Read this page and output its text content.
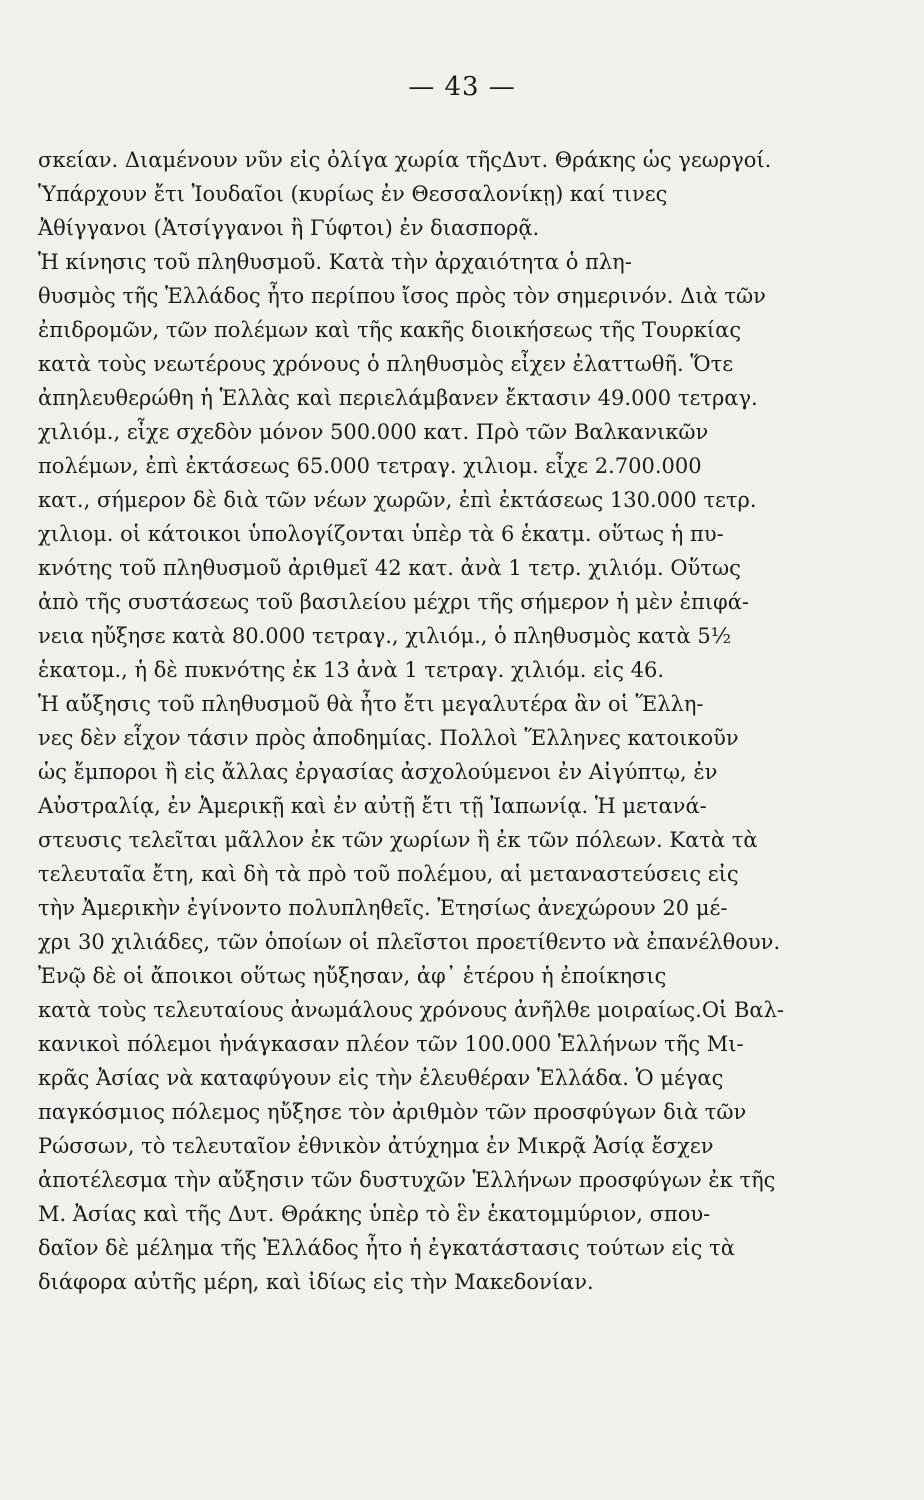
— 43 —
σκείαν. Διαμένουν νῦν εἰς ὀλίγα χωρία τῆςΔυτ. Θράκης ὡς γεωργοί.
Ὑπάρχουν ἔτι Ἰουδαῖοι (κυρίως ἐν Θεσσαλονίκῃ) καί τινες
Ἀθίγγανοι (Ἀτσίγγανοι ἢ Γύφτοι) ἐν διασπορᾷ.
Ἡ κίνησις τοῦ πληθυσμοῦ. Κατὰ τὴν ἀρχαιότητα ὁ πλη-
θυσμὸς τῆς Ἑλλάδος ἦτο περίπου ἴσος πρὸς τὸν σημερινόν. Διὰ τῶν
ἐπιδρομῶν, τῶν πολέμων καὶ τῆς κακῆς διοικήσεως τῆς Τουρκίας
κατὰ τοὺς νεωτέρους χρόνους ὁ πληθυσμὸς εἶχεν ἐλαττωθῆ. Ὅτε
ἀπηλευθερώθη ἡ Ἑλλὰς καὶ περιελάμβανεν ἔκτασιν 49.000 τετραγ.
χιλιόμ., εἶχε σχεδὸν μόνον 500.000 κατ. Πρὸ τῶν Βαλκανικῶν
πολέμων, ἐπὶ ἐκτάσεως 65.000 τετραγ. χιλιομ. εἶχε 2.700.000
κατ., σήμερον δὲ διὰ τῶν νέων χωρῶν, ἐπὶ ἐκτάσεως 130.000 τετρ.
χιλιομ. οἱ κάτοικοι ὑπολογίζονται ὑπὲρ τὰ 6 ἑκατμ. οὕτως ἡ πυ-
κνότης τοῦ πληθυσμοῦ ἀριθμεῖ 42 κατ. ἀνὰ 1 τετρ. χιλιόμ. Οὕτως
ἀπὸ τῆς συστάσεως τοῦ βασιλείου μέχρι τῆς σήμερον ἡ μὲν ἐπιφά-
νεια ηὔξησε κατὰ 80.000 τετραγ., χιλιόμ., ὁ πληθυσμὸς κατὰ 5½
ἑκατομ., ἡ δὲ πυκνότης ἐκ 13 ἀνὰ 1 τετραγ. χιλιόμ. εἰς 46.
Ἡ αὔξησις τοῦ πληθυσμοῦ θὰ ἦτο ἔτι μεγαλυτέρα ἂν οἱ Ἕλλη-
νες δὲν εἶχον τάσιν πρὸς ἀποδημίας. Πολλοὶ Ἕλληνες κατοικοῦν
ὡς ἔμποροι ἢ εἰς ἄλλας ἐργασίας ἀσχολούμενοι ἐν Αἰγύπτῳ, ἐν
Αὐστραλίᾳ, ἐν Ἀμερικῇ καὶ ἐν αὐτῇ ἔτι τῇ Ἰαπωνίᾳ. Ἡ μετανά-
στευσις τελεῖται μᾶλλον ἐκ τῶν χωρίων ἢ ἐκ τῶν πόλεων. Κατὰ τὰ
τελευταῖα ἔτη, καὶ δὴ τὰ πρὸ τοῦ πολέμου, αἱ μεταναστεύσεις εἰς
τὴν Ἀμερικὴν ἐγίνοντο πολυπληθεῖς. Ἐτησίως ἀνεχώρουν 20 μέ-
χρι 30 χιλιάδες, τῶν ὁποίων οἱ πλεῖστοι προετίθεντο νὰ ἐπανέλθουν.
Ἐνῷ δὲ οἱ ἄποικοι οὕτως ηὔξησαν, ἀφ᾽ ἑτέρου ἡ ἐποίκησις
κατὰ τοὺς τελευταίους ἀνωμάλους χρόνους ἀνῆλθε μοιραίως.Οἱ Βαλ-
κανικοὶ πόλεμοι ἠνάγκασαν πλέον τῶν 100.000 Ἑλλήνων τῆς Μι-
κρᾶς Ἀσίας νὰ καταφύγουν εἰς τὴν ἐλευθέραν Ἑλλάδα. Ὁ μέγας
παγκόσμιος πόλεμος ηὔξησε τὸν ἀριθμὸν τῶν προσφύγων διὰ τῶν
Ρώσσων, τὸ τελευταῖον ἐθνικὸν ἀτύχημα ἐν Μικρᾷ Ἀσίᾳ ἔσχεν
ἀποτέλεσμα τὴν αὔξησιν τῶν δυστυχῶν Ἑλλήνων προσφύγων ἐκ τῆς
Μ. Ἀσίας καὶ τῆς Δυτ. Θράκης ὑπὲρ τὸ ἓν ἑκατομμύριον, σπου-
δαῖον δὲ μέλημα τῆς Ἑλλάδος ἦτο ἡ ἐγκατάστασις τούτων εἰς τὰ
διάφορα αὐτῆς μέρη, καὶ ἰδίως εἰς τὴν Μακεδονίαν.
